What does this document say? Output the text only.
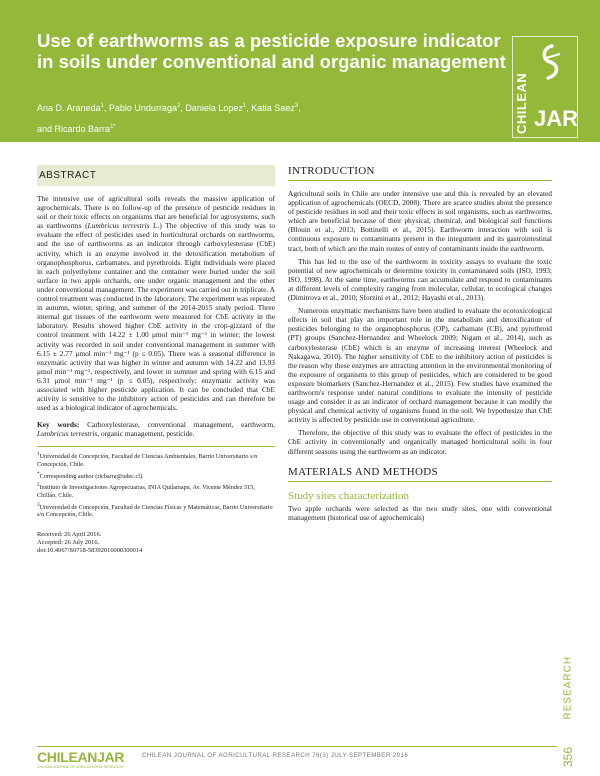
Use of earthworms as a pesticide exposure indicator in soils under conventional and organic management
Ana D. Araneda$^1$, Pablo Undurraga$^2$, Daniela Lopez$^1$, Katia Saez$^3$,
and Ricardo Barra$^{1*}$	CHILEAN JAR
ABSTRACT

The intensive use of agricultural soils reveals the massive application of agrochemicals. There is no follow-up of the presence of pesticide residues in soil or their toxic effects on organisms that are beneficial for agrosystems, such as earthworms (Lumbricus terrestris L.) The objective of this study was to evaluate the effect of pesticides used in horticultural orchards on earthworms, and the use of earthworms as an indicator through carboxylesterase (CbE) activity, which is an enzyme involved in the detoxification metabolism of organophosphorus, carbamates, and pyrethroids. Eight individuals were placed in each polyethylene container and the container were buried under the soil surface in two apple orchards, one under organic management and the other under conventional management. The experiment was carried out in triplicate. A control treatment was conducted in the laboratory. The experiment was repeated in autumn, winter, spring, and summer of the 2014-2015 study period. Three internal gut tissues of the earthworm were measured for CbE activity in the laboratory. Results showed higher CbE activity in the crop-gizzard of the control treatment with 14.22 ± 1.00 μmol min⁻¹ mg⁻¹ in winter; the lowest activity was recorded in soil under conventional management in summer with 6.15 ± 2.77 μmol min⁻¹ mg⁻¹ (p ≤ 0.05). There was a seasonal difference in enzymatic activity that was higher in winter and autumn with 14.22 and 13.93 μmol min⁻¹ mg⁻¹, respectively, and lower in summer and spring with 6.15 and 6.31 μmol min⁻¹ mg⁻¹ (p ≤ 0.05), respectively; enzymatic activity was associated with higher pesticide application. It can be concluded that CbE activity is sensitive to the inhibitory action of pesticides and can therefore be used as a biological indicator of agrochemicals.

Key words: Carboxylesterase, conventional management, earthworm, Lumbricus terrestris, organic management, pesticide.
$^1$Universidad de Concepción, Facultad de Ciencias Ambientales, Barrio Universitario s/n Concepción, Chile.
*Corresponding author (ricbarra@udec.cl).
$^2$Instituto de Investigaciones Agropecuarias, INIA Quilamapu, Av. Vicente Méndez 515, Chillán, Chile.
$^3$Universidad de Concepción, Facultad de Ciencias Físicas y Matemáticas, Barrio Universitario s/n Concepción, Chile.
Received: 26 April 2016.
Accepted: 26 July 2016.
doi:10.4067/S0718-58392016000300014
INTRODUCTION

Agricultural soils in Chile are under intensive use and this is revealed by an elevated application of agrochemicals (OECD, 2008). There are scarce studies about the presence of pesticide residues in soil and their toxic effects in soil organisms, such as earthworms, which are beneficial because of their physical, chemical, and biological soil functions (Blouin et al., 2013; Bottinelli et al., 2015). Earthworm interaction with soil is continuous exposure to contaminants present in the integument and its gastrointestinal tract, both of which are the main routes of entry of contaminants inside the earthworm.

This has led to the use of the earthworm in toxicity assays to evaluate the toxic potential of new agrochemicals or determine toxicity in contaminated soils (ISO, 1993; ISO, 1998). At the same time, earthworms can accumulate and respond to contaminants at different levels of complexity ranging from molecular, cellular, to ecological changes (Dimitrova et al., 2010; Sforzini et al., 2012; Hayashi et al., 2013).

Numerous enzymatic mechanisms have been studied to evaluate the ecotoxicological effects in soil that play an important role in the metabolism and detoxification of pesticides belonging to the organophosphorus (OP), carbamate (CB), and pyrethroid (PT) groups (Sanchez-Hernandez and Wheelock 2009; Nigam et al., 2014), such as carboxylesterase (CbE) which is an enzyme of increasing interest (Wheelock and Nakagawa, 2010). The higher sensitivity of CbE to the inhibitory action of pesticides is the reason why these enzymes are attracting attention in the environmental monitoring of the exposure of organisms to this group of pesticides, which are considered to be good exposure biomarkers (Sanchez-Hernandez et al., 2015). Few studies have examined the earthworm's response under natural conditions to evaluate the intensity of pesticide usage and consider it as an indicator of orchard management because it can modify the physical and chemical activity of organisms found in the soil. We hypothesize that CbE activity is affected by pesticide use in conventional agriculture.

Therefore, the objective of this study was to evaluate the effect of pesticides in the CbE activity in conventionally and organically managed horticultural soils in four different seasons using the earthworm as an indicator.

MATERIALS AND METHODS
Study sites characterization

Two apple orchards were selected as the two study sites, one with conventional management (historical use of agrochemicals)

CHILEANJAR
CHILEAN JOURNAL OF AGRICULTURAL RESEARCH
CHILEAN JOURNAL OF AGRICULTURAL RESEARCH 76(3) JULY-SEPTEMBER 2016
RESEARCH
356
